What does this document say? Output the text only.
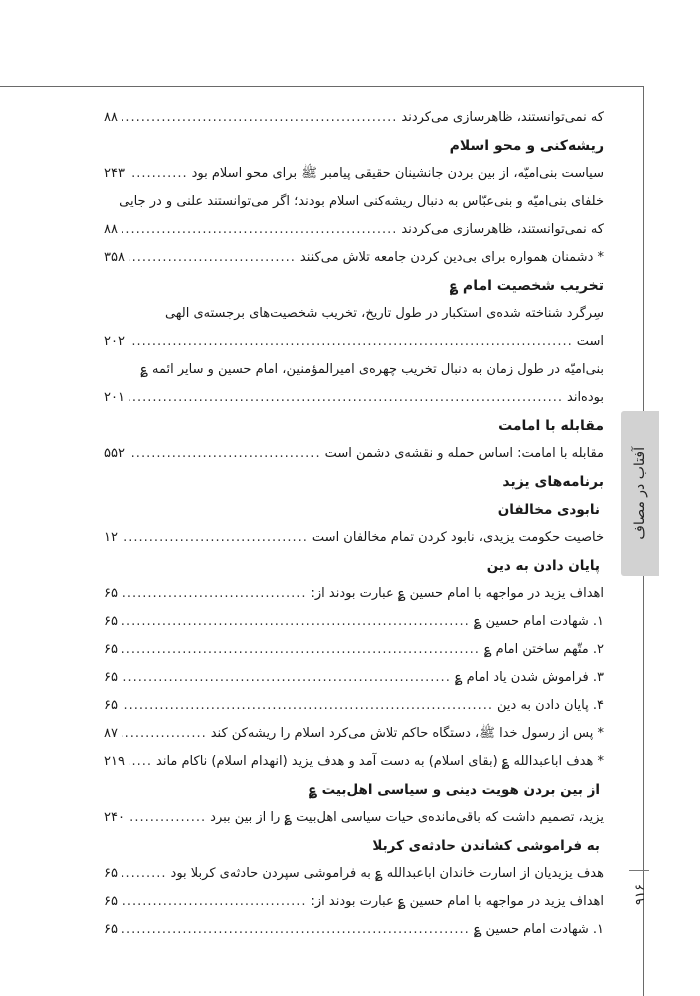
آفتاب در مصاف
۹۱۶
که نمی‌توانستند، ظاهرسازی می‌کردند
.....
۸۸
ریشه‌کنی و محو اسلام
سیاست بنی‌امیّه، از بین بردن جانشینان حقیقی پیامبر ﷺ برای محو اسلام بود
.....
۲۴۳
خلفای بنی‌امیّه و بنی‌عبّاس به دنبال ریشه‌کنی اسلام بودند؛ اگر می‌توانستند علنی و در جایی
که نمی‌توانستند، ظاهرسازی می‌کردند
.....
۸۸
* دشمنان همواره برای بی‌دین کردن جامعه تلاش می‌کنند
.....
۳۵۸
تخریب شخصیت امام ؏
سِرگرد شناخته شده‌ی استکبار در طول تاریخ، تخریب شخصیت‌های برجسته‌ی الهی
است
.....
۲۰۲
بنی‌امیّه در طول زمان به دنبال تخریب چهره‌ی امیرالمؤمنین، امام حسین و سایر ائمه ؏
بوده‌اند
.....
۲۰۱
مقابله با امامت
مقابله با امامت: اساس حمله و نقشه‌ی دشمن است
.....
۵۵۲
برنامه‌های یزید
نابودی مخالفان
خاصیت حکومت یزیدی، نابود کردن تمام مخالفان است
.....
۱۲
پایان دادن به دین
اهداف یزید در مواجهه با امام حسین ؏ عبارت بودند از:
.....
۶۵
۱. شهادت امام حسین ؏
.....
۶۵
۲. متّهم ساختن امام ؏
.....
۶۵
۳. فراموش شدن یاد امام ؏
.....
۶۵
۴. پایان دادن به دین
.....
۶۵
* پس از رسول خدا ﷺ، دستگاه حاکم تلاش می‌کرد اسلام را ریشه‌کن کند
.....
۸۷
* هدف اباعبدالله ؏ (بقای اسلام) به دست آمد و هدف یزید (انهدام اسلام) ناکام ماند
.....
۲۱۹
از بین بردن هویت دینی و سیاسی اهل‌بیت ؏
یزید، تصمیم داشت که باقی‌مانده‌ی حیات سیاسی اهل‌بیت ؏ را از بین ببرد
.....
۲۴۰
به فراموشی کشاندن حادثه‌ی کربلا
هدف یزیدیان از اسارت خاندان اباعبدالله ؏ به فراموشی سپردن حادثه‌ی کربلا بود
.....
۶۵
اهداف یزید در مواجهه با امام حسین ؏ عبارت بودند از:
.....
۶۵
۱. شهادت امام حسین ؏
.....
۶۵
